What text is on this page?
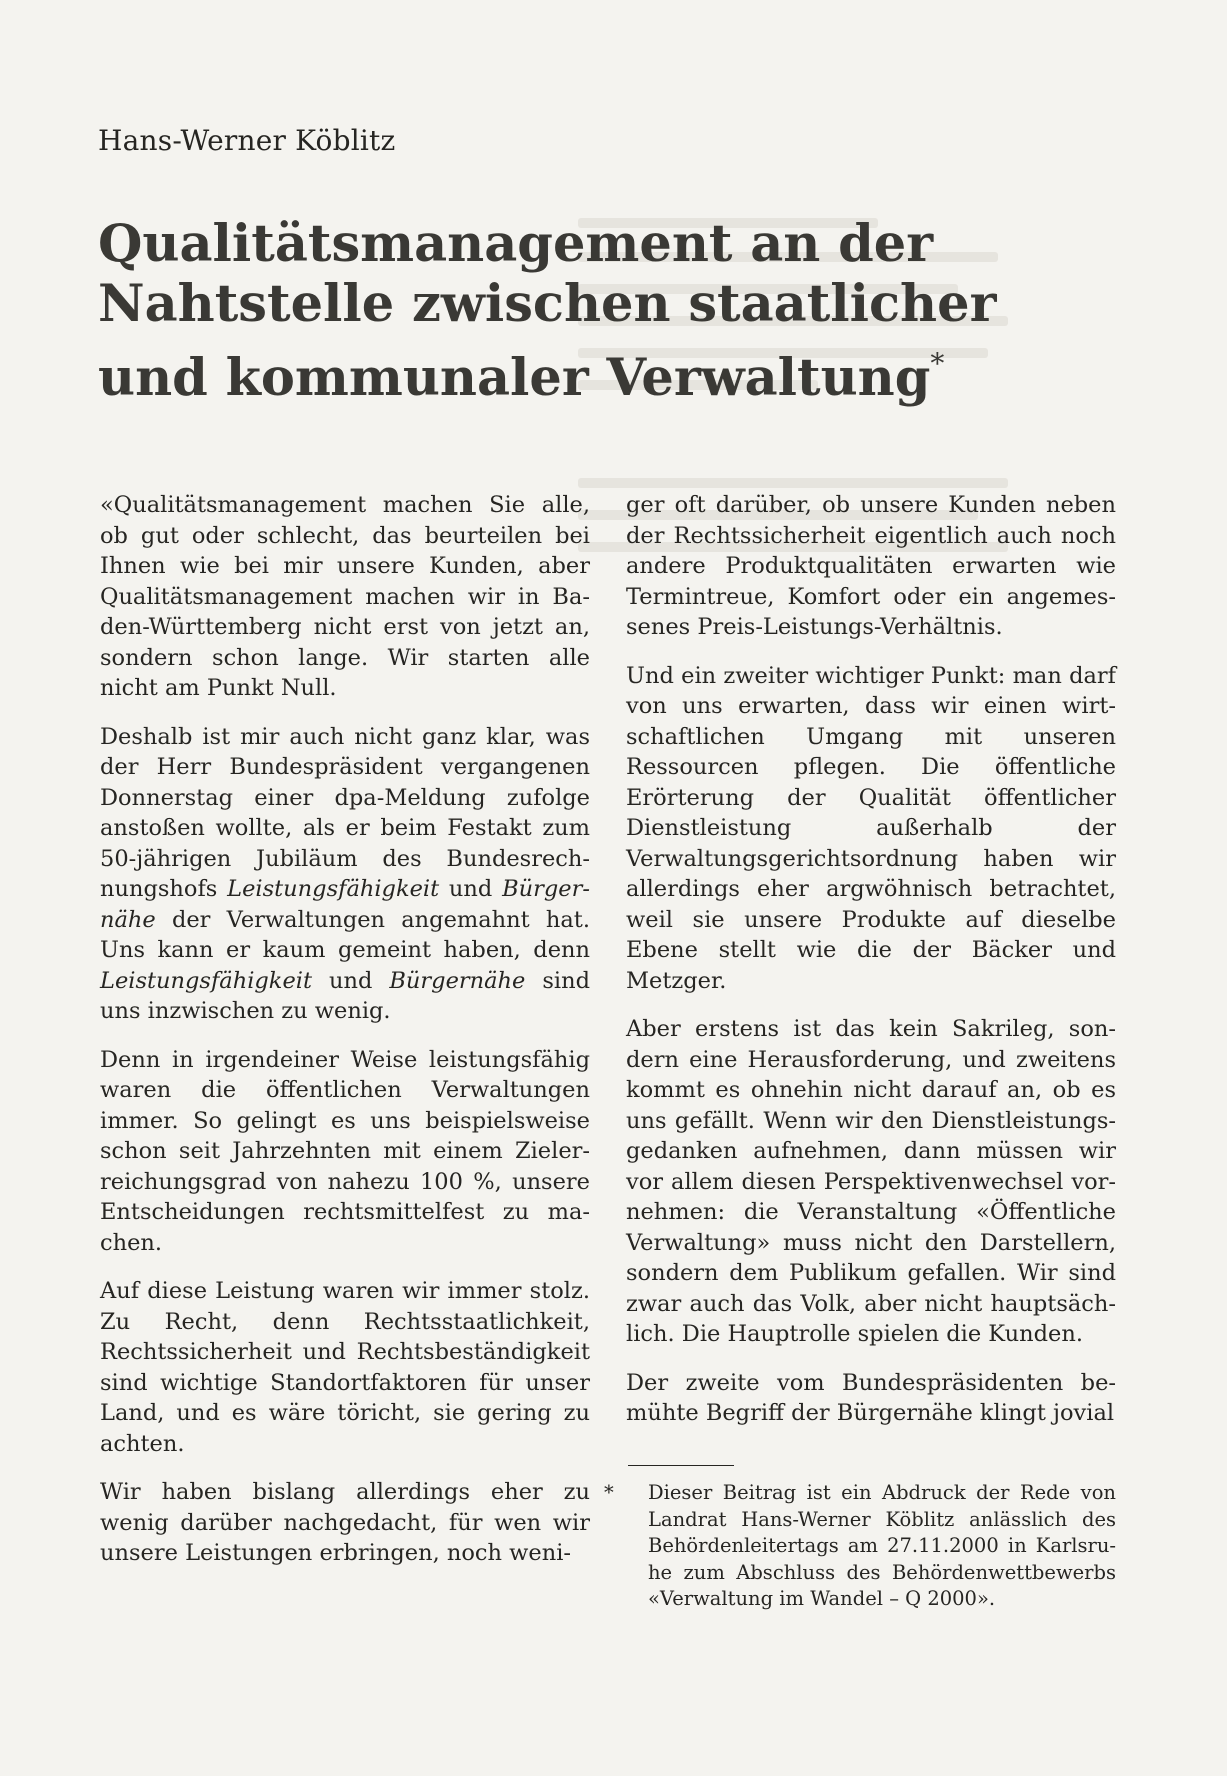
Hans-Werner Köblitz
Qualitätsmanagement an der Nahtstelle zwischen staatlicher und kommunaler Verwaltung*

«Qualitätsmanagement machen Sie alle, ob gut oder schlecht, das beurteilen bei Ihnen wie bei mir unsere Kunden, aber Qualitätsmanagement machen wir in Baden-Württemberg nicht erst von jetzt an, sondern schon lange. Wir starten alle nicht am Punkt Null.

Deshalb ist mir auch nicht ganz klar, was der Herr Bundespräsident vergangenen Donnerstag einer dpa-Meldung zufolge anstoßen wollte, als er beim Festakt zum 50-jährigen Jubiläum des Bundesrechnungshofs Leistungsfähigkeit und Bürgernähe der Verwaltungen angemahnt hat. Uns kann er kaum gemeint haben, denn Leistungsfähigkeit und Bürgernähe sind uns inzwischen zu wenig.

Denn in irgendeiner Weise leistungsfähig waren die öffentlichen Verwaltungen immer. So gelingt es uns beispielsweise schon seit Jahrzehnten mit einem Zielerreichungsgrad von nahezu 100 %, unsere Entscheidungen rechtsmittelfest zu machen.

Auf diese Leistung waren wir immer stolz. Zu Recht, denn Rechtsstaatlichkeit, Rechtssicherheit und Rechtsbeständigkeit sind wichtige Standortfaktoren für unser Land, und es wäre töricht, sie gering zu achten.

Wir haben bislang allerdings eher zu wenig darüber nachgedacht, für wen wir unsere Leistungen erbringen, noch weni-

ger oft darüber, ob unsere Kunden neben der Rechtssicherheit eigentlich auch noch andere Produktqualitäten erwarten wie Termintreue, Komfort oder ein angemessenes Preis-Leistungs-Verhältnis.

Und ein zweiter wichtiger Punkt: man darf von uns erwarten, dass wir einen wirtschaftlichen Umgang mit unseren Ressourcen pflegen. Die öffentliche Erörterung der Qualität öffentlicher Dienstleistung außerhalb der Verwaltungsgerichtsordnung haben wir allerdings eher argwöhnisch betrachtet, weil sie unsere Produkte auf dieselbe Ebene stellt wie die der Bäcker und Metzger.

Aber erstens ist das kein Sakrileg, sondern eine Herausforderung, und zweitens kommt es ohnehin nicht darauf an, ob es uns gefällt. Wenn wir den Dienstleistungsgedanken aufnehmen, dann müssen wir vor allem diesen Perspektivenwechsel vornehmen: die Veranstaltung «Öffentliche Verwaltung» muss nicht den Darstellern, sondern dem Publikum gefallen. Wir sind zwar auch das Volk, aber nicht hauptsächlich. Die Hauptrolle spielen die Kunden.

Der zweite vom Bundespräsidenten bemühte Begriff der Bürgernähe klingt jovial

* Dieser Beitrag ist ein Abdruck der Rede von Landrat Hans-Werner Köblitz anlässlich des Behördenleitertags am 27.11.2000 in Karlsruhe zum Abschluss des Behördenwettbewerbs «Verwaltung im Wandel – Q 2000».
